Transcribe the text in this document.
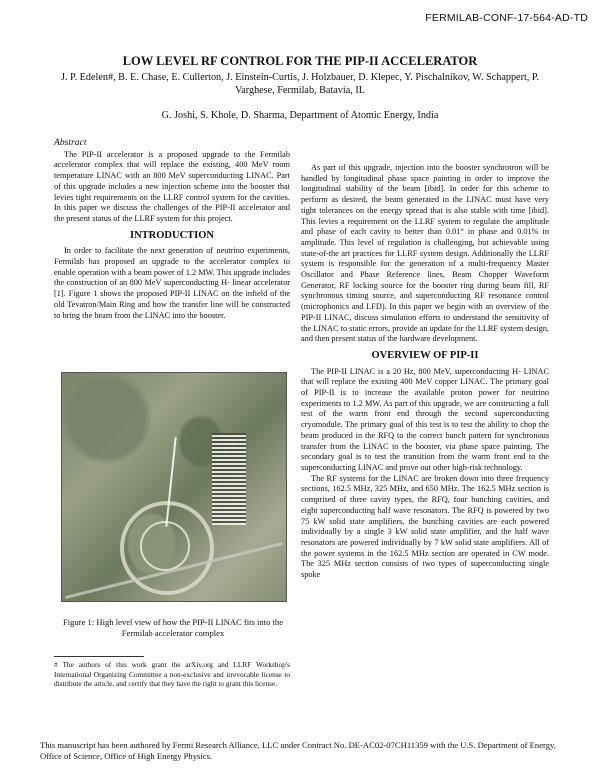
FERMILAB-CONF-17-564-AD-TD
LOW LEVEL RF CONTROL FOR THE PIP-II ACCELERATOR
J. P. Edelen#, B. E. Chase, E. Cullerton, J. Einstein-Curtis, J. Holzbauer, D. Klepec, Y. Pischalnikov, W. Schappert, P. Varghese, Fermilab, Batavia, IL
G. Joshi, S. Khole, D. Sharma, Department of Atomic Energy, India
Abstract

The PIP-II accelerator is a proposed upgrade to the Fermilab accelerator complex that will replace the existing, 400 MeV room temperature LINAC with an 800 MeV superconducting LINAC. Part of this upgrade includes a new injection scheme into the booster that levies tight requirements on the LLRF control system for the cavities. In this paper we discuss the challenges of the PIP-II accelerator and the present status of the LLRF system for this project.

INTRODUCTION

In order to facilitate the next generation of neutrino experiments, Fermilab has proposed an upgrade to the accelerator complex to enable operation with a beam power of 1.2 MW. This upgrade includes the construction of an 800 MeV superconducting H- linear accelerator [1]. Figure 1 shows the proposed PIP-II LINAC on the infield of the old Tevatron/Main Ring and how the transfer line will be constructed to bring the beam from the LINAC into the booster.

Figure 1: High level view of how the PIP-II LINAC fits into the Fermilab accelerator complex
# The authors of this work grant the arXiv.org and LLRF Workshop's International Organizing Committee a non-exclusive and irrevocable license to distribute the article, and certify that they have the right to grant this license.

As part of this upgrade, injection into the booster synchrotron will be handled by longitudinal phase space painting in order to improve the longitudinal stability of the beam [ibid]. In order for this scheme to perform as desired, the beam generated in the LINAC must have very tight tolerances on the energy spread that is also stable with time [ibid]. This levies a requirement on the LLRF system to regulate the amplitude and phase of each cavity to better than 0.01° in phase and 0.01% in amplitude. This level of regulation is challenging, but achievable using state-of-the art practices for LLRF system design. Additionally the LLRF system is responsible for the generation of a multi-frequency Master Oscillator and Phase Reference lines, Beam Chopper Waveform Generator, RF locking source for the booster ring during beam fill, RF synchronous timing source, and superconducting RF resonance control (microphonics and LFD). In this paper we begin with an overview of the PIP-II LINAC, discuss simulation efforts to understand the sensitivity of the LINAC to static errors, provide an update for the LLRF system design, and then present status of the hardware development.

OVERVIEW OF PIP-II

The PIP-II LINAC is a 20 Hz, 800 MeV, superconducting H- LINAC that will replace the existing 400 MeV copper LINAC. The primary goal of PIP-II is to increase the available proton power for neutrino experiments to 1.2 MW. As part of this upgrade, we are constructing a full test of the warm front end through the second superconducting cryomodule. The primary goal of this test is to test the ability to chop the beam produced in the RFQ to the correct bunch pattern for synchronous transfer from the LINAC to the booster, via phase space painting. The secondary goal is to test the transition from the warm front end to the superconducting LINAC and prove out other high-risk technology.

The RF systems for the LINAC are broken down into three frequency sections, 162.5 MHz, 325 MHz, and 650 MHz. The 162.5 MHz section is comprised of three cavity types, the RFQ, four bunching cavities, and eight superconducting half wave resonators. The RFQ is powered by two 75 kW solid state amplifiers, the bunching cavities are each powered individually by a single 3 kW solid state amplifier, and the half wave resonators are powered individually by 7 kW solid state amplifiers. All of the power systems in the 162.5 MHz section are operated in CW mode. The 325 MHz section consists of two types of superconducting single spoke

This manuscript has been authored by Fermi Research Alliance, LLC under Contract No. DE-AC02-07CH11359 with the U.S. Department of Energy, Office of Science, Office of High Energy Physics.
